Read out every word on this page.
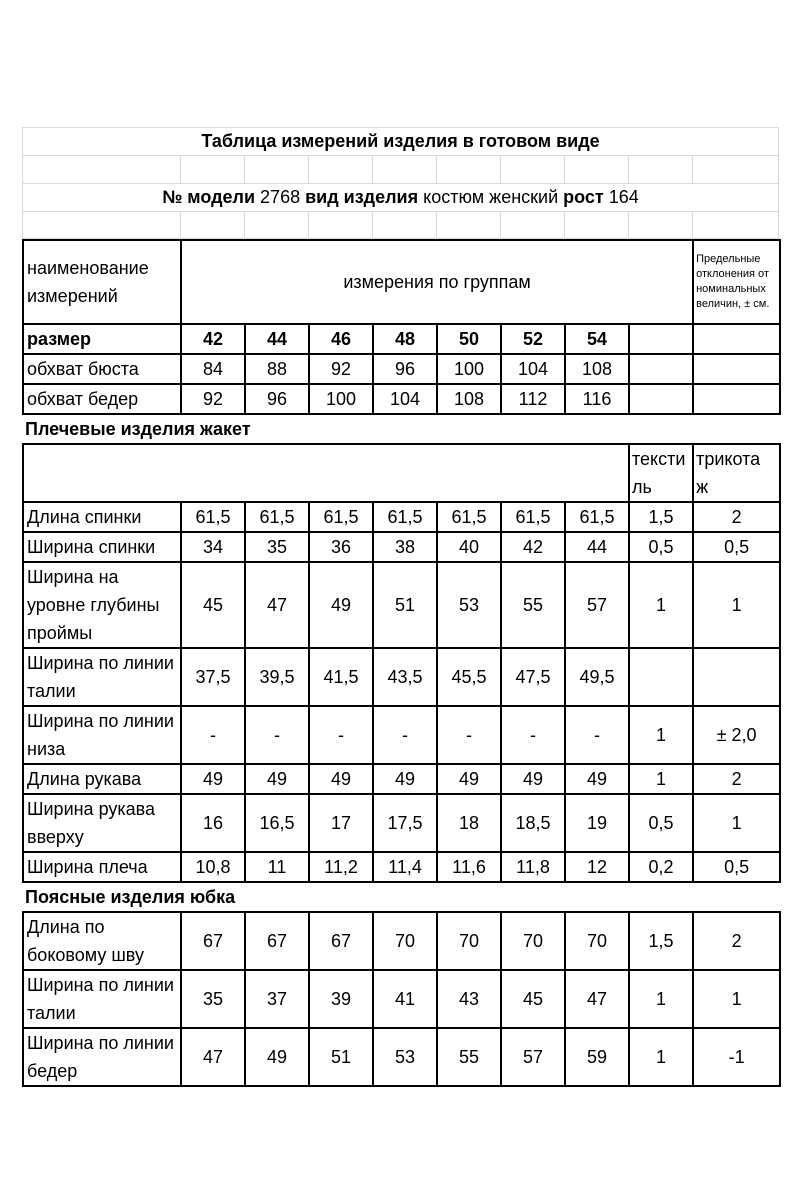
Таблица измерений изделия в готовом виде
№ модели 2768 вид изделия костюм женский рост 164
наименование измерений	измерения по группам								Предельные отклонения от номинальных величин, ± см.
размер	42	44	46	48	50	52	54		
обхват бюста	84	88	92	96	100	104	108		
обхват бедер	92	96	100	104	108	112	116		
Плечевые изделия жакет									
								тексти ль	трикота ж
Длина спинки	61,5	61,5	61,5	61,5	61,5	61,5	61,5	1,5	2
Ширина спинки	34	35	36	38	40	42	44	0,5	0,5
Ширина на уровне глубины проймы	45	47	49	51	53	55	57	1	1
Ширина по линии талии	37,5	39,5	41,5	43,5	45,5	47,5	49,5		
Ширина по линии низа	-	-	-	-	-	-	-	1	± 2,0
Длина рукава	49	49	49	49	49	49	49	1	2
Ширина рукава вверху	16	16,5	17	17,5	18	18,5	19	0,5	1
Ширина плеча	10,8	11	11,2	11,4	11,6	11,8	12	0,2	0,5
Поясные изделия юбка									
Длина по боковому шву	67	67	67	70	70	70	70	1,5	2
Ширина по линии талии	35	37	39	41	43	45	47	1	1
Ширина по линии бедер	47	49	51	53	55	57	59	1	-1
